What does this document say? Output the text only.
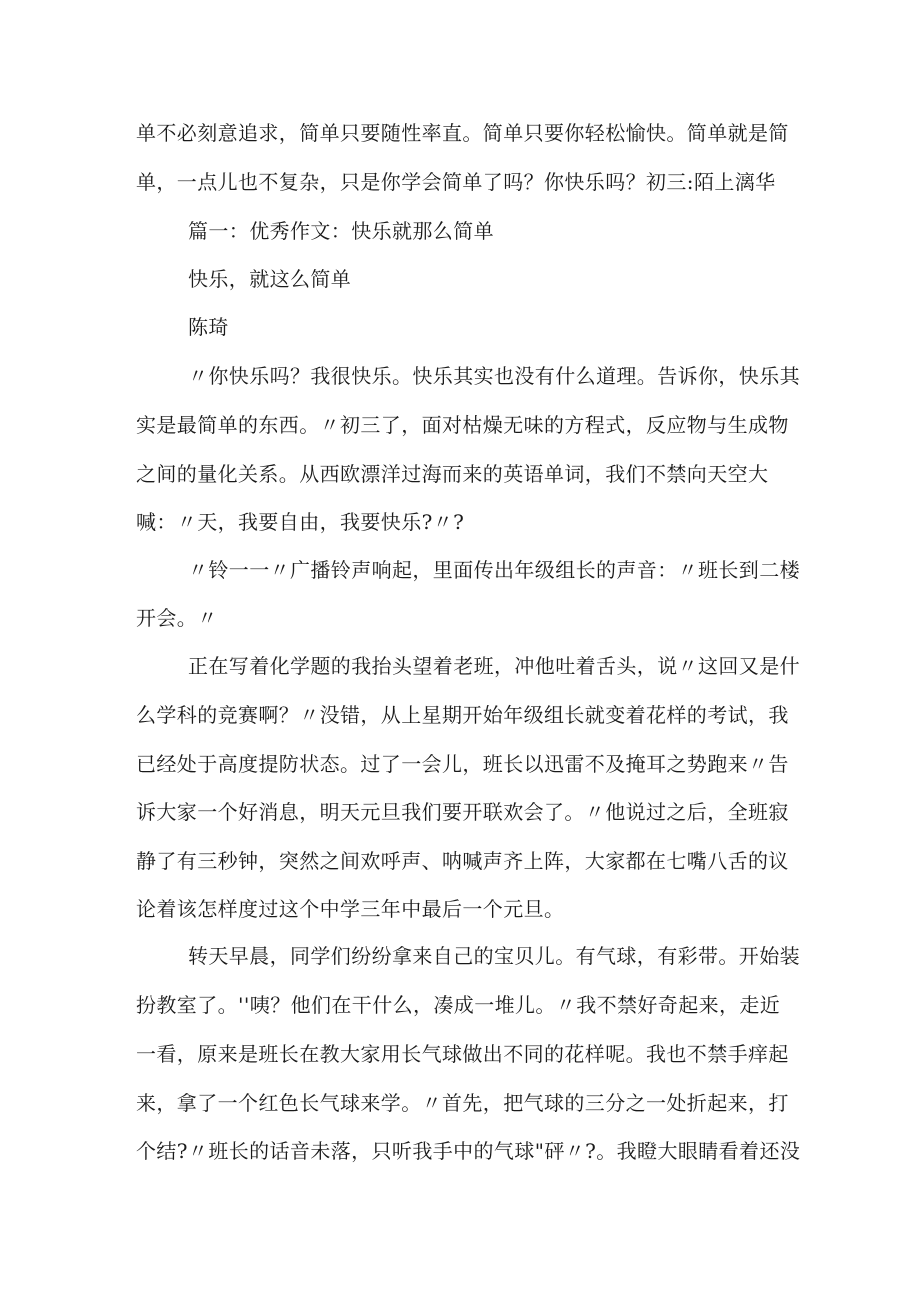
单不必刻意追求，简单只要随性率直。简单只要你轻松愉快。简单就是简
单，一点儿也不复杂，只是你学会简单了吗？你快乐吗？初三:陌上漓华
篇一：优秀作文：快乐就那么简单
快乐，就这么简单
陈琦
〃你快乐吗？我很快乐。快乐其实也没有什么道理。告诉你，快乐其
实是最简单的东西。〃初三了，面对枯燥无味的方程式，反应物与生成物
之间的量化关系。从西欧漂洋过海而来的英语单词，我们不禁向天空大
喊：〃天，我要自由，我要快乐?〃?
〃铃一一〃广播铃声响起，里面传出年级组长的声音：〃班长到二楼
开会。〃
正在写着化学题的我抬头望着老班，冲他吐着舌头，说〃这回又是什
么学科的竞赛啊？〃没错，从上星期开始年级组长就变着花样的考试，我
已经处于高度提防状态。过了一会儿，班长以迅雷不及掩耳之势跑来〃告
诉大家一个好消息，明天元旦我们要开联欢会了。〃他说过之后，全班寂
静了有三秒钟，突然之间欢呼声、呐喊声齐上阵，大家都在七嘴八舌的议
论着该怎样度过这个中学三年中最后一个元旦。
转天早晨，同学们纷纷拿来自己的宝贝儿。有气球，有彩带。开始装
扮教室了。''咦？他们在干什么，凑成一堆儿。〃我不禁好奇起来，走近
一看，原来是班长在教大家用长气球做出不同的花样呢。我也不禁手痒起
来，拿了一个红色长气球来学。〃首先，把气球的三分之一处折起来，打
个结?〃班长的话音未落，只听我手中的气球"砰〃?。我瞪大眼睛看着还没
